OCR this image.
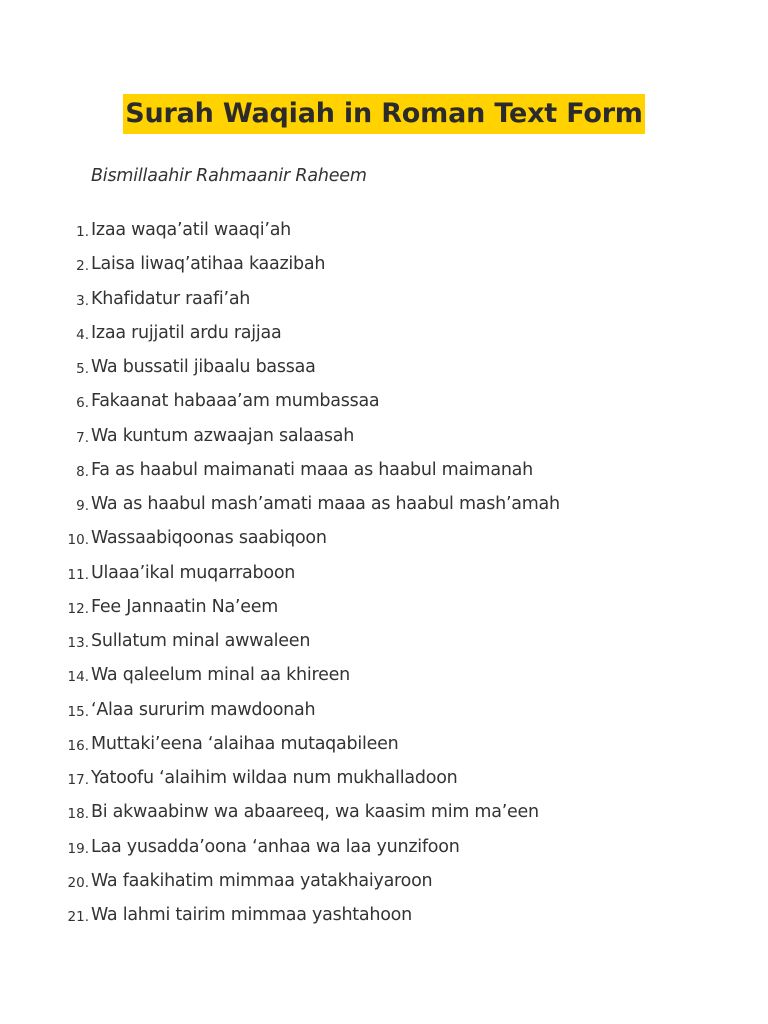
Surah Waqiah in Roman Text Form
Bismillaahir Rahmaanir Raheem
1. Izaa waqa’atil waaqi’ah
2. Laisa liwaq’atihaa kaazibah
3. Khafidatur raafi’ah
4. Izaa rujjatil ardu rajjaa
5. Wa bussatil jibaalu bassaa
6. Fakaanat habaaa’am mumbassaa
7. Wa kuntum azwaajan salaasah
8. Fa as haabul maimanati maaa as haabul maimanah
9. Wa as haabul mash’amati maaa as haabul mash’amah
10. Wassaabiqoonas saabiqoon
11. Ulaaa’ikal muqarraboon
12. Fee Jannaatin Na’eem
13. Sullatum minal awwaleen
14. Wa qaleelum minal aa khireen
15. ‘Alaa sururim mawdoonah
16. Muttaki’eena ‘alaihaa mutaqabileen
17. Yatoofu ‘alaihim wildaa num mukhalladoon
18. Bi akwaabinw wa abaareeq, wa kaasim mim ma’een
19. Laa yusadda’oona ‘anhaa wa laa yunzifoon
20. Wa faakihatim mimmaa yatakhaiyaroon
21. Wa lahmi tairim mimmaa yashtahoon
